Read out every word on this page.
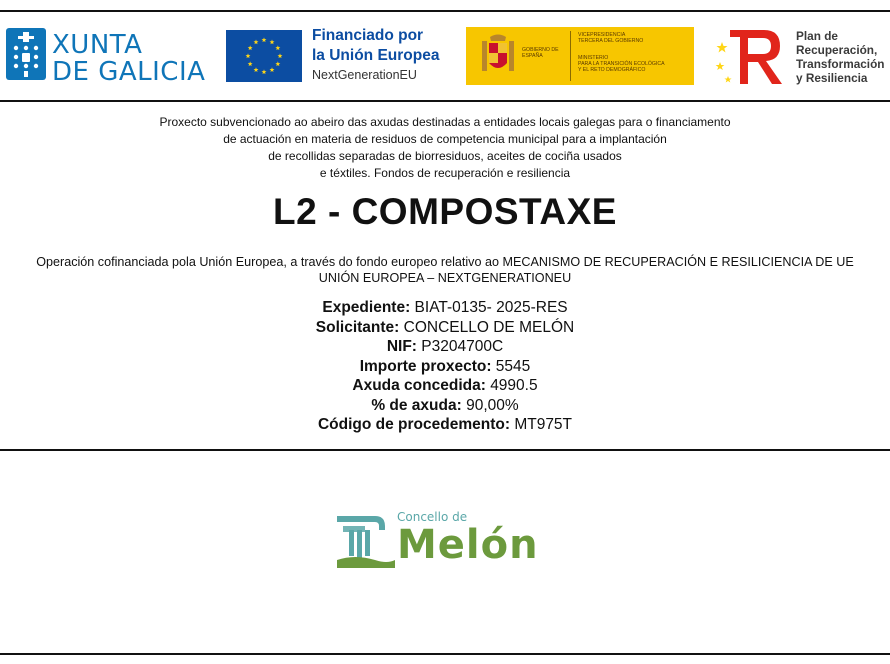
XUNTA
DE GALICIA
Financiado por
la Unión Europea
NextGenerationEU
GOBIERNO DE ESPAÑA
VICEPRESIDENCIA
TERCERA DEL GOBIERNO
MINISTERIO
PARA LA TRANSICIÓN ECOLÓGICA
Y EL RETO DEMOGRÁFICO
Plan de
Recuperación,
Transformación
y Resiliencia
Proxecto subvencionado ao abeiro das axudas destinadas a entidades locais galegas para o financiamento
de actuación en materia de residuos de competencia municipal para a implantación
de recollidas separadas de biorresiduos, aceites de cociña usados
e téxtiles. Fondos de recuperación e resiliencia
L2 - COMPOSTAXE
Operación cofinanciada pola Unión Europea, a través do fondo europeo relativo ao MECANISMO DE RECUPERACIÓN E RESILICIENCIA DE UE
UNIÓN EUROPEA – NEXTGENERATIONEU
Expediente: BIAT-0135- 2025-RES
Solicitante: CONCELLO DE MELÓN
NIF: P3204700C
Importe proxecto: 5545
Axuda concedida: 4990.5
% de axuda: 90,00%
Código de procedemento: MT975T
Concello de
Melón
